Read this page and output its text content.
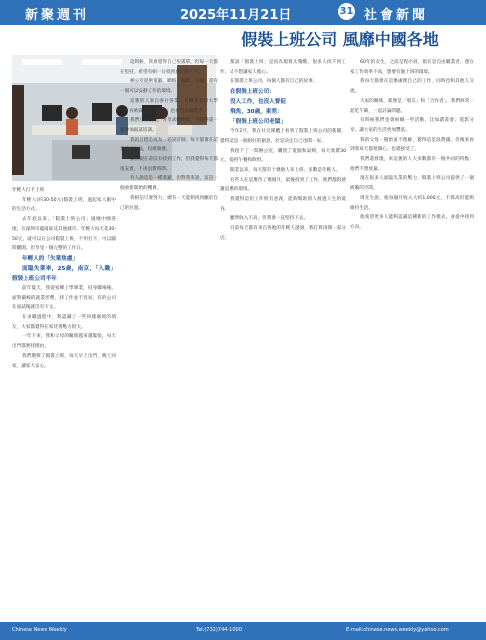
新聚週刊	2025年11月21日	31 社會新聞
假裝上班公司 風靡中國各地

年輕人打卡上班

年輕人(約30-50元)假裝上班，過起家人眼中的生活方式。

去年底以來，「假裝上班公司」風靡中國各地，在深圳市龍崗區及其他城市，年輕人每天花30-50元，就可以在公司假裝上班，不用打卡，可以隨時離開，但享受一個完整的工作日。

年輕人的「失業焦慮」

面臨失業率，25歲，南京，「入職」假裝上班公司半年

前年夏天，我從家鄉上學畢業，投身職場後，面對嚴峻的就業形勢，找工作並不容易，有的公司在面試後就沒有下文。

在求職過程中，我認識了一些同樣處境的朋友，大家都覺得在家待著壓力很大。

一年下來，我和父母的關係越來越緊張，每天出門都要找理由。

我們選擇了假裝上班，每天早上出門，晚上回家，讓家人安心。

這時候，我會覺得自己很孤單，但每一天都在堅持，希望有朝一日找到真正的工作。

辦公室提供電腦、網絡、咖啡、午餐，還有一個可以安靜工作的環境。

這裏的人來自各行各業，有剛畢業的大學生，有被裁員的中年人，也有自由職業者。

我們互相鼓勵，分享求職經驗，有時候還一起參加面試培訓。

我的目標是成為一名設計師，每天都會在這裏練習作品，投遞簡歷。

雖然現在還沒有找到工作，但我覺得每天都很充實，不再浪費時間。

有人說這是一種逃避，但對我來說，這是一個重新開始的機會。

我相信只要努力，總有一天能夠找到屬於自己的位置。

都說「假裝上班」是因為現實太殘酷，很多人找不到工作，又不想讓家人擔心。

在假裝上班公司，每個人都有自己的故事。

在假裝上班公司：

沒人工作，也沒人督促

飛魚，30歲，東莞：

「假裝上班公司老闆」

今年2月，我在社交媒體上看到了假裝上班公司的新聞，覺得這是一個很好的創意，於是決定自己也開一家。

我租下了一間辦公室，購置了電腦和桌椅，每天收費30元，提供午餐和飲料。

開業以來，每天都有十幾個人來上班，多數是年輕人。

有些人在這裏待了幾個月，最後找到了工作，他們都很感謝這裏的環境。

我覺得這份工作很有意義，能夠幫助別人渡過人生的低谷。

雖然收入不高，但我會一直堅持下去。

目前每天都有來自各地的年輕人諮詢，我打算再開一家分店。

60年的女生，之前是程序員，現在是自由職業者，想在家工作效率不高，想要有個上班的環境。

我每天都會在這裏處理自己的工作，同時也和其他人交流。

大家的關係，就像是「朋友」和「合作者」，我們經常一起吃午飯，一起討論問題。

有時候我們也會組織一些活動，比如讀書會、電影分享，讓大家的生活更加豐富。

我的父母一開始並不理解，覺得這是浪費錢，但後來看到我每天都很開心，也就接受了。

我們還發現，來這裏的人大多數都有一個共同的特點：他們不想放棄。

現在很多人面臨失業的壓力，假裝上班公司提供了一個緩衝的空間。

周先生說，他每個月收入大約1,000元，不算高但能夠維持生活。

他希望更多人能夠認識這種新的工作模式，並從中找到方向。

Chinese News Weekly	Tel:(732)744-1000	E-mail:chinese.news.weekly@yahoo.com
